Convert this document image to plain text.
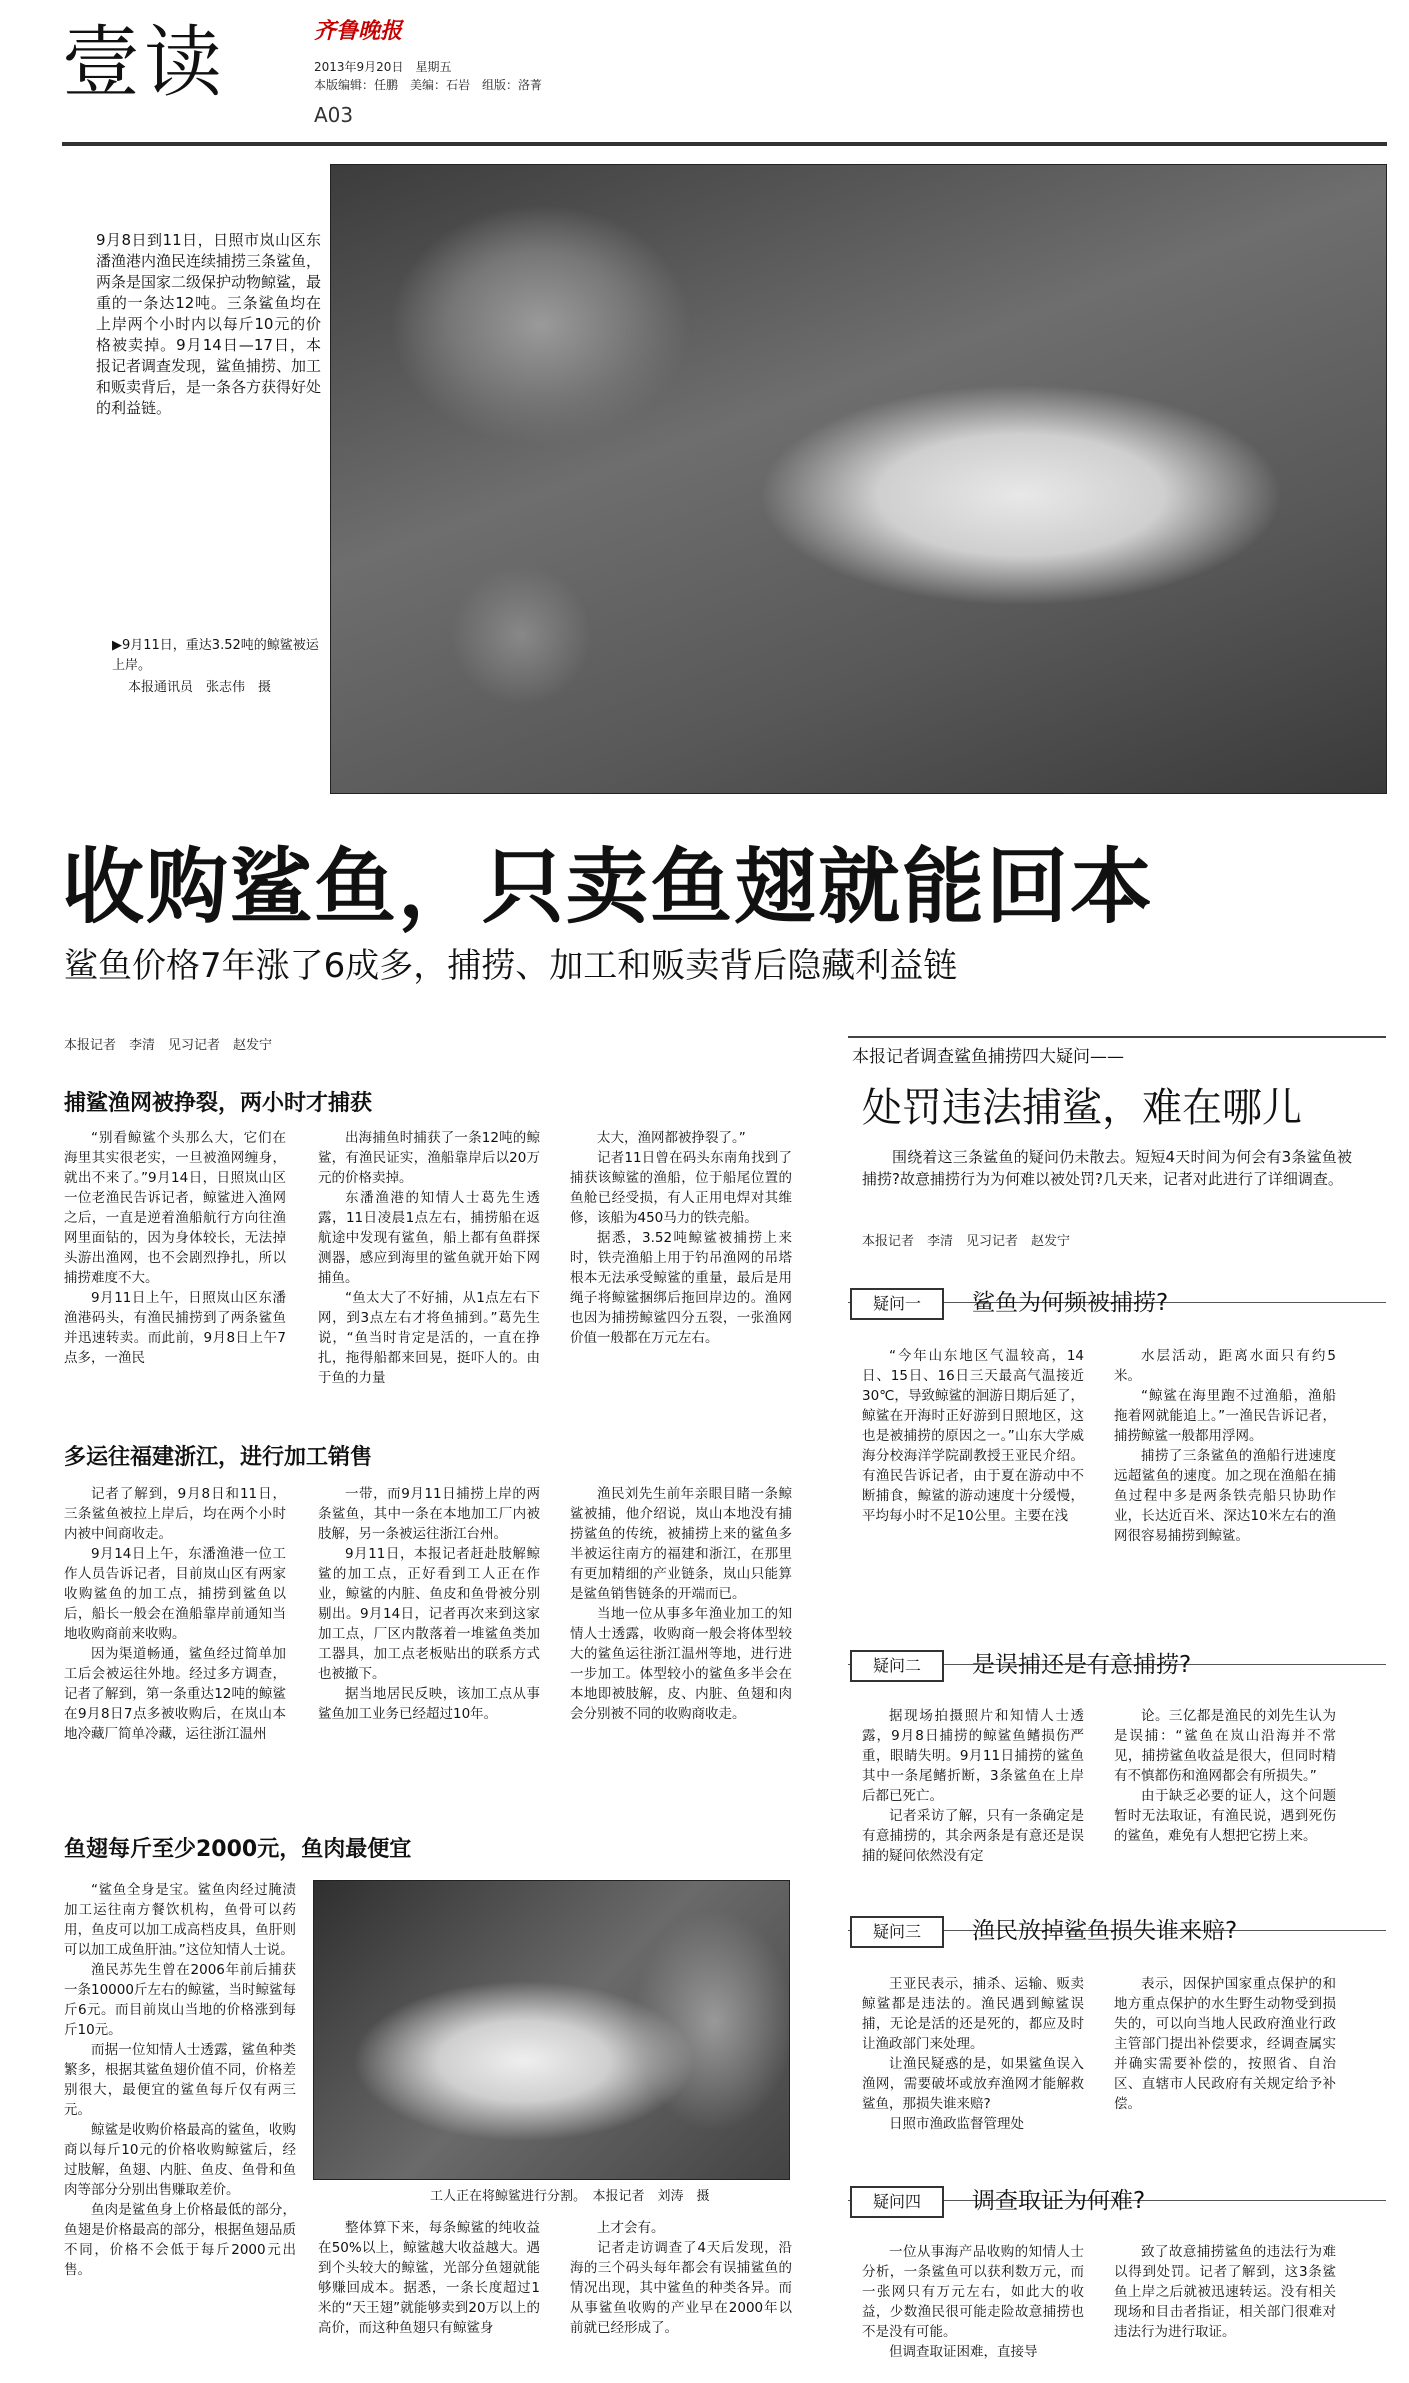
壹读	齐鲁晚报
2013年9月20日　星期五
本版编辑：任鹏　美编：石岩　组版：洛菁
A03
9月8日到11日，日照市岚山区东潘渔港内渔民连续捕捞三条鲨鱼，两条是国家二级保护动物鲸鲨，最重的一条达12吨。三条鲨鱼均在上岸两个小时内以每斤10元的价格被卖掉。9月14日—17日，本报记者调查发现，鲨鱼捕捞、加工和贩卖背后，是一条各方获得好处的利益链。
▶9月11日，重达3.52吨的鲸鲨被运上岸。
本报通讯员　张志伟　摄
收购鲨鱼，只卖鱼翅就能回本
鲨鱼价格7年涨了6成多，捕捞、加工和贩卖背后隐藏利益链
本报记者　李清　见习记者　赵发宁
捕鲨渔网被挣裂，两小时才捕获

“别看鲸鲨个头那么大，它们在海里其实很老实，一旦被渔网缠身，就出不来了。”9月14日，日照岚山区一位老渔民告诉记者，鲸鲨进入渔网之后，一直是逆着渔船航行方向往渔网里面钻的，因为身体较长，无法掉头游出渔网，也不会剧烈挣扎，所以捕捞难度不大。

9月11日上午，日照岚山区东潘渔港码头，有渔民捕捞到了两条鲨鱼并迅速转卖。而此前，9月8日上午7点多，一渔民

出海捕鱼时捕获了一条12吨的鲸鲨，有渔民证实，渔船靠岸后以20万元的价格卖掉。

东潘渔港的知情人士葛先生透露，11日凌晨1点左右，捕捞船在返航途中发现有鲨鱼，船上都有鱼群探测器，感应到海里的鲨鱼就开始下网捕鱼。

“鱼太大了不好捕，从1点左右下网，到3点左右才将鱼捕到。”葛先生说，“鱼当时肯定是活的，一直在挣扎，拖得船都来回晃，挺吓人的。由于鱼的力量

太大，渔网都被挣裂了。”

记者11日曾在码头东南角找到了捕获该鲸鲨的渔船，位于船尾位置的鱼舱已经受损，有人正用电焊对其维修，该船为450马力的铁壳船。

据悉，3.52吨鲸鲨被捕捞上来时，铁壳渔船上用于钓吊渔网的吊塔根本无法承受鲸鲨的重量，最后是用绳子将鲸鲨捆绑后拖回岸边的。渔网也因为捕捞鲸鲨四分五裂，一张渔网价值一般都在万元左右。

多运往福建浙江，进行加工销售

记者了解到，9月8日和11日，三条鲨鱼被拉上岸后，均在两个小时内被中间商收走。

9月14日上午，东潘渔港一位工作人员告诉记者，目前岚山区有两家收购鲨鱼的加工点，捕捞到鲨鱼以后，船长一般会在渔船靠岸前通知当地收购商前来收购。

因为渠道畅通，鲨鱼经过简单加工后会被运往外地。经过多方调查，记者了解到，第一条重达12吨的鲸鲨在9月8日7点多被收购后，在岚山本地冷藏厂简单冷藏，运往浙江温州

一带，而9月11日捕捞上岸的两条鲨鱼，其中一条在本地加工厂内被肢解，另一条被运往浙江台州。

9月11日，本报记者赶赴肢解鲸鲨的加工点，正好看到工人正在作业，鲸鲨的内脏、鱼皮和鱼骨被分别剔出。9月14日，记者再次来到这家加工点，厂区内散落着一堆鲨鱼类加工器具，加工点老板贴出的联系方式也被撤下。

据当地居民反映，该加工点从事鲨鱼加工业务已经超过10年。

渔民刘先生前年亲眼目睹一条鲸鲨被捕，他介绍说，岚山本地没有捕捞鲨鱼的传统，被捕捞上来的鲨鱼多半被运往南方的福建和浙江，在那里有更加精细的产业链条，岚山只能算是鲨鱼销售链条的开端而已。

当地一位从事多年渔业加工的知情人士透露，收购商一般会将体型较大的鲨鱼运往浙江温州等地，进行进一步加工。体型较小的鲨鱼多半会在本地即被肢解，皮、内脏、鱼翅和肉会分别被不同的收购商收走。

鱼翅每斤至少2000元，鱼肉最便宜

“鲨鱼全身是宝。鲨鱼肉经过腌渍加工运往南方餐饮机构，鱼骨可以药用，鱼皮可以加工成高档皮具，鱼肝则可以加工成鱼肝油。”这位知情人士说。

渔民苏先生曾在2006年前后捕获一条10000斤左右的鲸鲨，当时鲸鲨每斤6元。而目前岚山当地的价格涨到每斤10元。

而据一位知情人士透露，鲨鱼种类繁多，根据其鲨鱼翅价值不同，价格差别很大，最便宜的鲨鱼每斤仅有两三元。

鲸鲨是收购价格最高的鲨鱼，收购商以每斤10元的价格收购鲸鲨后，经过肢解，鱼翅、内脏、鱼皮、鱼骨和鱼肉等部分分别出售赚取差价。

鱼肉是鲨鱼身上价格最低的部分，鱼翅是价格最高的部分，根据鱼翅品质不同，价格不会低于每斤2000元出售。

工人正在将鲸鲨进行分割。　本报记者　刘涛　摄

整体算下来，每条鲸鲨的纯收益在50%以上，鲸鲨越大收益越大。遇到个头较大的鲸鲨，光部分鱼翅就能够赚回成本。据悉，一条长度超过1米的“天王翅”就能够卖到20万以上的高价，而这种鱼翅只有鲸鲨身

上才会有。

记者走访调查了4天后发现，沿海的三个码头每年都会有误捕鲨鱼的情况出现，其中鲨鱼的种类各异。而从事鲨鱼收购的产业早在2000年以前就已经形成了。

本报记者调查鲨鱼捕捞四大疑问——
处罚违法捕鲨，难在哪儿

围绕着这三条鲨鱼的疑问仍未散去。短短4天时间为何会有3条鲨鱼被捕捞?故意捕捞行为为何难以被处罚?几天来，记者对此进行了详细调查。

本报记者　李清　见习记者　赵发宁
疑问一	鲨鱼为何频被捕捞?

“今年山东地区气温较高，14日、15日、16日三天最高气温接近30℃，导致鲸鲨的洄游日期后延了，鲸鲨在开海时正好游到日照地区，这也是被捕捞的原因之一。”山东大学威海分校海洋学院副教授王亚民介绍。有渔民告诉记者，由于夏在游动中不断捕食，鲸鲨的游动速度十分缓慢，平均每小时不足10公里。主要在浅

水层活动，距离水面只有约5米。

“鲸鲨在海里跑不过渔船，渔船拖着网就能追上。”一渔民告诉记者，捕捞鲸鲨一般都用浮网。

捕捞了三条鲨鱼的渔船行进速度远超鲨鱼的速度。加之现在渔船在捕鱼过程中多是两条铁壳船只协助作业，长达近百米、深达10米左右的渔网很容易捕捞到鲸鲨。

疑问二	是误捕还是有意捕捞?

据现场拍摄照片和知情人士透露，9月8日捕捞的鲸鲨鱼鳍损伤严重，眼睛失明。9月11日捕捞的鲨鱼其中一条尾鳍折断，3条鲨鱼在上岸后都已死亡。

记者采访了解，只有一条确定是有意捕捞的，其余两条是有意还是误捕的疑问依然没有定

论。三亿都是渔民的刘先生认为是误捕：“鲨鱼在岚山沿海并不常见，捕捞鲨鱼收益是很大，但同时精有不慎都伤和渔网都会有所损失。”

由于缺乏必要的证人，这个问题暂时无法取证，有渔民说，遇到死伤的鲨鱼，难免有人想把它捞上来。

疑问三	渔民放掉鲨鱼损失谁来赔?

王亚民表示，捕杀、运输、贩卖鲸鲨都是违法的。渔民遇到鲸鲨误捕，无论是活的还是死的，都应及时让渔政部门来处理。

让渔民疑惑的是，如果鲨鱼误入渔网，需要破坏或放弃渔网才能解救鲨鱼，那损失谁来赔?

日照市渔政监督管理处

表示，因保护国家重点保护的和地方重点保护的水生野生动物受到损失的，可以向当地人民政府渔业行政主管部门提出补偿要求，经调查属实并确实需要补偿的，按照省、自治区、直辖市人民政府有关规定给予补偿。

疑问四	调查取证为何难?

一位从事海产品收购的知情人士分析，一条鲨鱼可以获利数万元，而一张网只有万元左右，如此大的收益，少数渔民很可能走险故意捕捞也不是没有可能。

但调查取证困难，直接导

致了故意捕捞鲨鱼的违法行为难以得到处罚。记者了解到，这3条鲨鱼上岸之后就被迅速转运。没有相关现场和目击者指证，相关部门很难对违法行为进行取证。
